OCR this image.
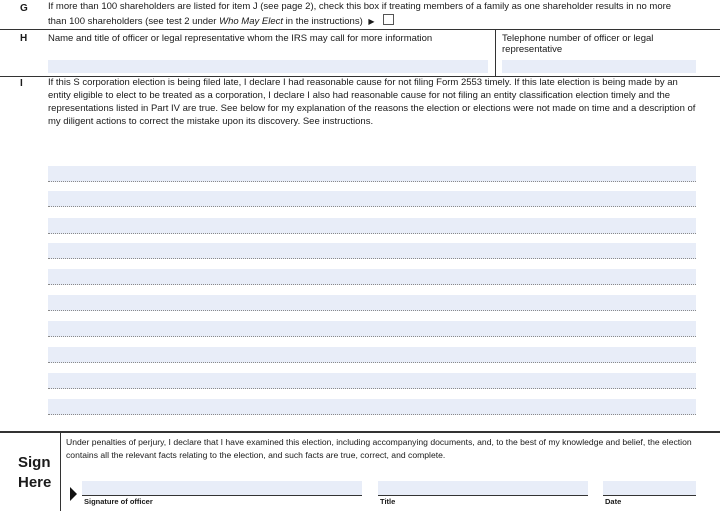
G If more than 100 shareholders are listed for item J (see page 2), check this box if treating members of a family as one shareholder results in no more than 100 shareholders (see test 2 under Who May Elect in the instructions) ▶
H Name and title of officer or legal representative whom the IRS may call for more information	Telephone number of officer or legal representative
I	If this S corporation election is being filed late, I declare I had reasonable cause for not filing Form 2553 timely. If this late election is being made by an entity eligible to elect to be treated as a corporation, I declare I also had reasonable cause for not filing an entity classification election timely and the representations listed in Part IV are true. See below for my explanation of the reasons the election or elections were not made on time and a description of my diligent actions to correct the mistake upon its discovery. See instructions.
Sign
Here
Under penalties of perjury, I declare that I have examined this election, including accompanying documents, and, to the best of my knowledge and belief, the election contains all the relevant facts relating to the election, and such facts are true, correct, and complete.
Signature of officer	Title	Date
